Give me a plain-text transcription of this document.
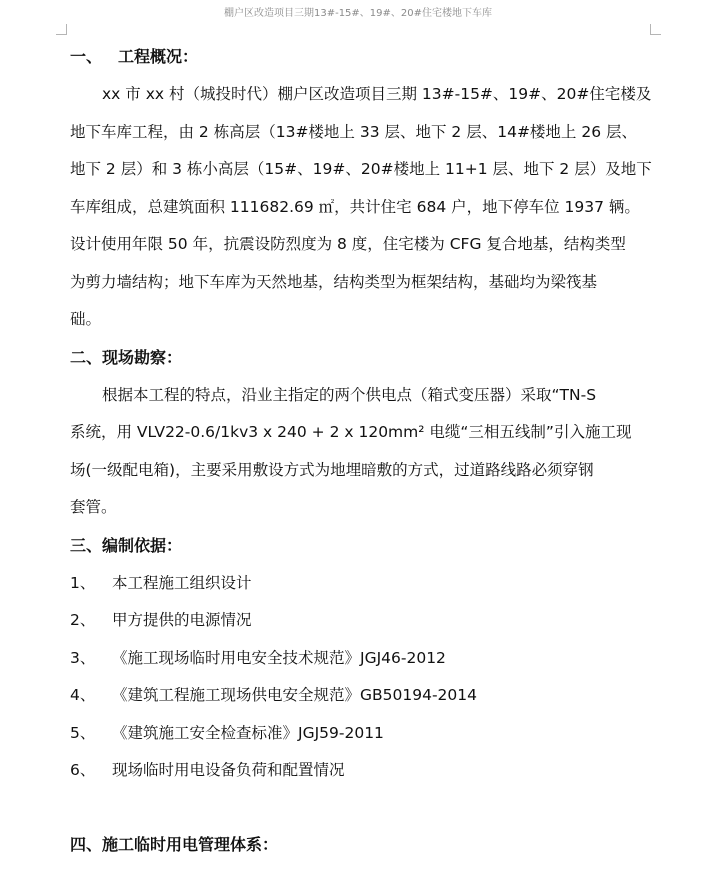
棚户区改造项目三期13#-15#、19#、20#住宅楼地下车库
一、 工程概况：
xx 市 xx 村（城投时代）棚户区改造项目三期 13#-15#、19#、20#住宅楼及
地下车库工程，由 2 栋高层（13#楼地上 33 层、地下 2 层、14#楼地上 26 层、
地下 2 层）和 3 栋小高层（15#、19#、20#楼地上 11+1 层、地下 2 层）及地下
车库组成，总建筑面积 111682.69 ㎡，共计住宅 684 户，地下停车位 1937 辆。
设计使用年限 50 年，抗震设防烈度为 8 度，住宅楼为 CFG 复合地基，结构类型
为剪力墙结构；地下车库为天然地基，结构类型为框架结构，基础均为梁筏基
础。
二、现场勘察：
根据本工程的特点，沿业主指定的两个供电点（箱式变压器）采取“TN-S
系统，用 VLV22-0.6/1kv3 x 240 + 2 x 120mm² 电缆“三相五线制”引入施工现
场(一级配电箱)，主要采用敷设方式为地埋暗敷的方式，过道路线路必须穿钢
套管。
三、编制依据：
1、 本工程施工组织设计
2、 甲方提供的电源情况
3、 《施工现场临时用电安全技术规范》JGJ46-2012
4、 《建筑工程施工现场供电安全规范》GB50194-2014
5、 《建筑施工安全检查标准》JGJ59-2011
6、 现场临时用电设备负荷和配置情况
四、施工临时用电管理体系：
